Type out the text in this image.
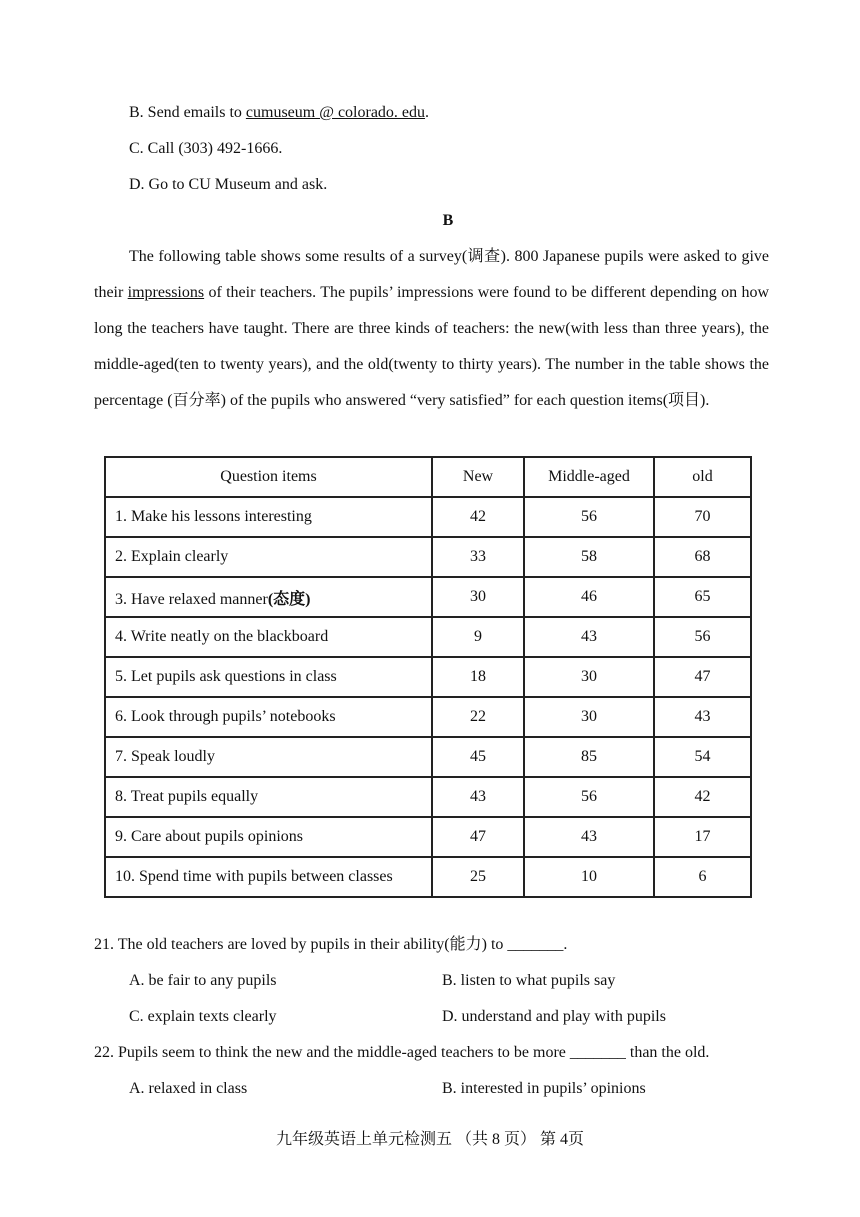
B. Send emails to cumuseum @ colorado. edu.
C. Call (303) 492-1666.
D. Go to CU Museum and ask.
B
The following table shows some results of a survey(调查). 800 Japanese pupils were asked to give their impressions of their teachers. The pupils’ impressions were found to be different depending on how long the teachers have taught. There are three kinds of teachers: the new(with less than three years), the middle-aged(ten to twenty years), and the old(twenty to thirty years). The number in the table shows the percentage (百分率) of the pupils who answered “very satisfied” for each question items(项目).
Question items	New	Middle-aged	old
1. Make his lessons interesting	42	56	70
2. Explain clearly	33	58	68
3. Have relaxed manner(态度)	30	46	65
4. Write neatly on the blackboard	9	43	56
5. Let pupils ask questions in class	18	30	47
6. Look through pupils’ notebooks	22	30	43
7. Speak loudly	45	85	54
8. Treat pupils equally	43	56	42
9. Care about pupils opinions	47	43	17
10. Spend time with pupils between classes	25	10	6
21. The old teachers are loved by pupils in their ability(能力) to _______.
A. be fair to any pupils	B. listen to what pupils say
C. explain texts clearly	D. understand and play with pupils
22. Pupils seem to think the new and the middle-aged teachers to be more _______ than the old.
A. relaxed in class	B. interested in pupils’ opinions
九年级英语上单元检测五 （共 8 页） 第 4页
